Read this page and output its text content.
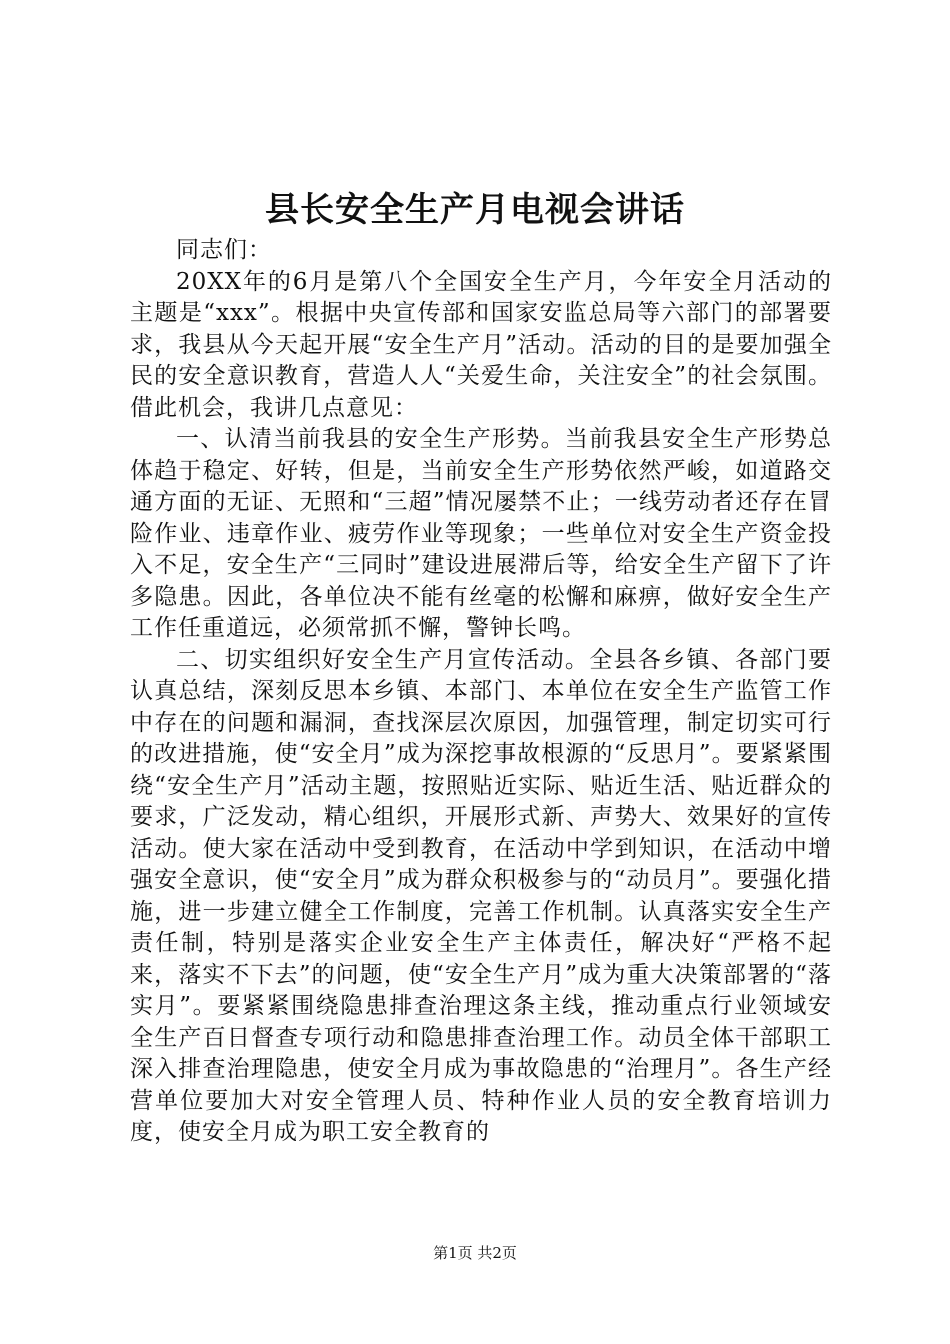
县长安全生产月电视会讲话

同志们：

20XX年的6月是第八个全国安全生产月，今年安全月活动的主题是“xxx”。根据中央宣传部和国家安监总局等六部门的部署要求，我县从今天起开展“安全生产月”活动。活动的目的是要加强全民的安全意识教育，营造人人“关爱生命，关注安全”的社会氛围。借此机会，我讲几点意见：

一、认清当前我县的安全生产形势。当前我县安全生产形势总体趋于稳定、好转，但是，当前安全生产形势依然严峻，如道路交通方面的无证、无照和“三超”情况屡禁不止；一线劳动者还存在冒险作业、违章作业、疲劳作业等现象；一些单位对安全生产资金投入不足，安全生产“三同时”建设进展滞后等，给安全生产留下了许多隐患。因此，各单位决不能有丝毫的松懈和麻痹，做好安全生产工作任重道远，必须常抓不懈，警钟长鸣。

二、切实组织好安全生产月宣传活动。全县各乡镇、各部门要认真总结，深刻反思本乡镇、本部门、本单位在安全生产监管工作中存在的问题和漏洞，查找深层次原因，加强管理，制定切实可行的改进措施，使“安全月”成为深挖事故根源的“反思月”。要紧紧围绕“安全生产月”活动主题，按照贴近实际、贴近生活、贴近群众的要求，广泛发动，精心组织，开展形式新、声势大、效果好的宣传活动。使大家在活动中受到教育，在活动中学到知识，在活动中增强安全意识，使“安全月”成为群众积极参与的“动员月”。要强化措施，进一步建立健全工作制度，完善工作机制。认真落实安全生产责任制，特别是落实企业安全生产主体责任，解决好“严格不起来，落实不下去”的问题，使“安全生产月”成为重大决策部署的“落实月”。要紧紧围绕隐患排查治理这条主线，推动重点行业领域安全生产百日督查专项行动和隐患排查治理工作。动员全体干部职工深入排查治理隐患，使安全月成为事故隐患的“治理月”。各生产经营单位要加大对安全管理人员、特种作业人员的安全教育培训力度，使安全月成为职工安全教育的

第1页 共2页
